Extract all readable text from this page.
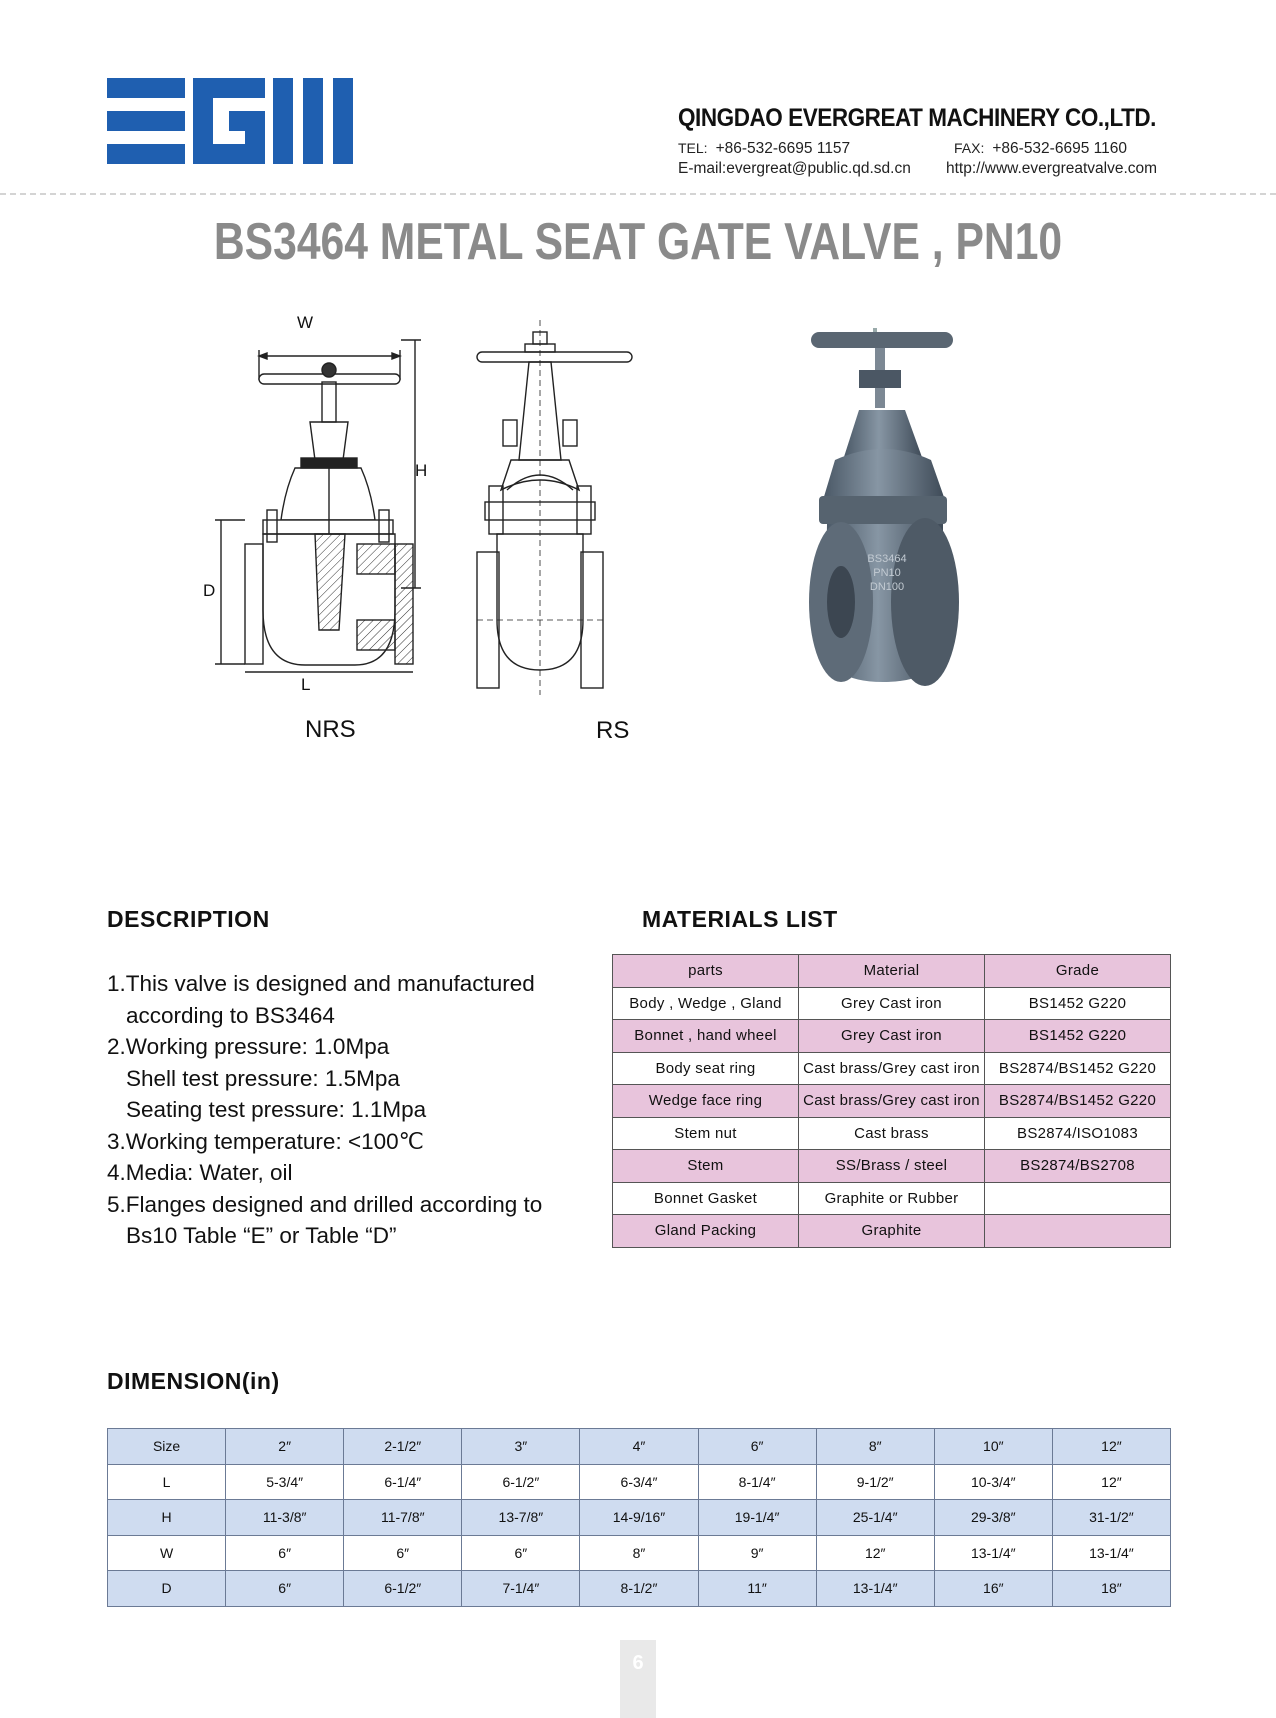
QINGDAO EVERGREAT MACHINERY CO.,LTD.
TEL: +86-532-6695 1157	FAX: +86-532-6695 1160
E-mail:evergreat@public.qd.sd.cn http://www.evergreatvalve.com
BS3464 METAL SEAT GATE VALVE , PN10
W
H
D
L
NRS	RS
BS3464
PN10
DN100
DESCRIPTION
1.This valve is designed and manufactured
according to BS3464
2.Working pressure: 1.0Mpa
Shell test pressure: 1.5Mpa
Seating test pressure: 1.1Mpa
3.Working temperature: <100℃
4.Media: Water, oil
5.Flanges designed and drilled according to
Bs10 Table “E” or Table “D”
MATERIALS LIST
parts	Material	Grade
Body , Wedge , Gland	Grey Cast iron	BS1452 G220
Bonnet , hand wheel	Grey Cast iron	BS1452 G220
Body seat ring	Cast brass/Grey cast iron	BS2874/BS1452 G220
Wedge face ring	Cast brass/Grey cast iron	BS2874/BS1452 G220
Stem nut	Cast brass	BS2874/ISO1083
Stem	SS/Brass / steel	BS2874/BS2708
Bonnet Gasket	Graphite or Rubber	
Gland Packing	Graphite	
DIMENSION(in)
Size	2″	2-1/2″	3″	4″	6″	8″	10″	12″
L	5-3/4″	6-1/4″	6-1/2″	6-3/4″	8-1/4″	9-1/2″	10-3/4″	12″
H	11-3/8″	11-7/8″	13-7/8″	14-9/16″	19-1/4″	25-1/4″	29-3/8″	31-1/2″
W	6″	6″	6″	8″	9″	12″	13-1/4″	13-1/4″
D	6″	6-1/2″	7-1/4″	8-1/2″	11″	13-1/4″	16″	18″
6
